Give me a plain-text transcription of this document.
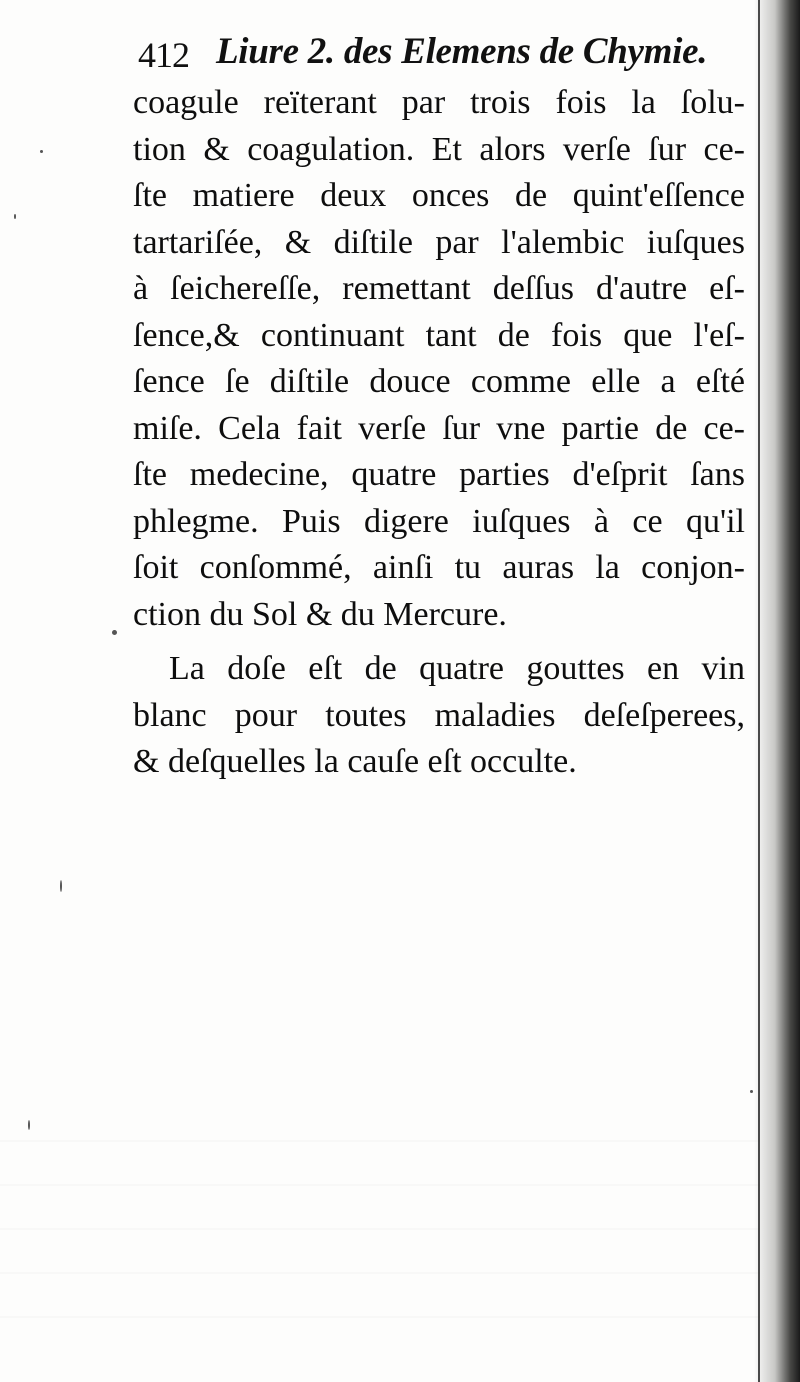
412 Liure 2. des Elemens de Chymie.
coagule reïterant par trois fois la ſolu-
tion & coagulation. Et alors verſe ſur ce-
ſte matiere deux onces de quint'eſſence
tartariſée, & diſtile par l'alembic iuſques
à ſeichereſſe, remettant deſſus d'autre eſ-
ſence,& continuant tant de fois que l'eſ-
ſence ſe diſtile douce comme elle a eſté
miſe. Cela fait verſe ſur vne partie de ce-
ſte medecine, quatre parties d'eſprit ſans
phlegme. Puis digere iuſques à ce qu'il
ſoit conſommé, ainſi tu auras la conjon-
ction du Sol & du Mercure.
La doſe eſt de quatre gouttes en vin
blanc pour toutes maladies deſeſperees,
& deſquelles la cauſe eſt occulte.
